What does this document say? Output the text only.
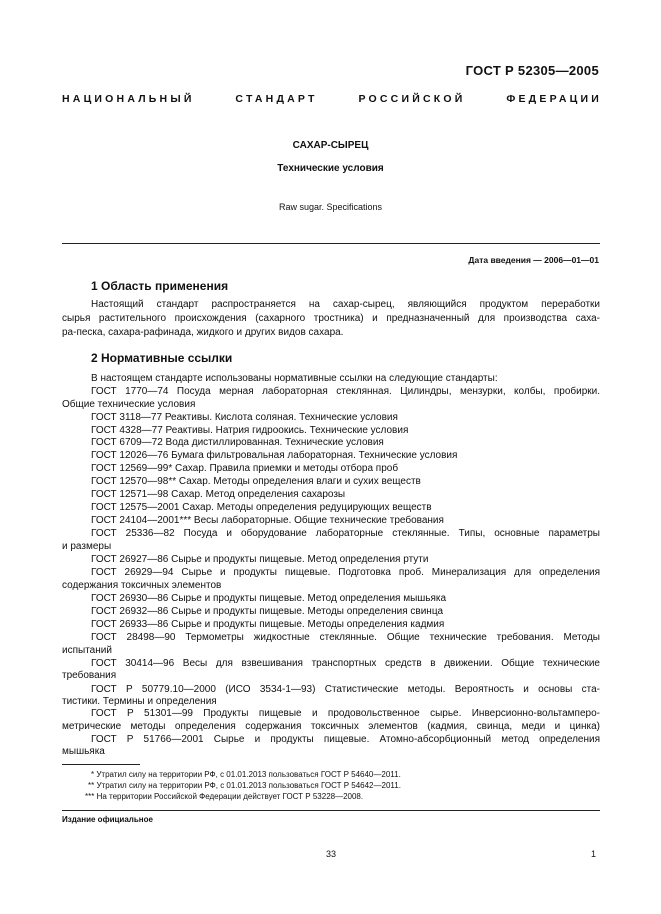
ГОСТ Р 52305—2005
НАЦИОНАЛЬНЫЙ СТАНДАРТ РОССИЙСКОЙ ФЕДЕРАЦИИ
САХАР-СЫРЕЦ
Технические условия
Raw sugar. Specifications
Дата введения — 2006—01—01
1 Область применения
Настоящий стандарт распространяется на сахар-сырец, являющийся продуктом переработки
сырья растительного происхождения (сахарного тростника) и предназначенный для производства саха-
ра-песка, сахара-рафинада, жидкого и других видов сахара.
2 Нормативные ссылки
В настоящем стандарте использованы нормативные ссылки на следующие стандарты:
ГОСТ 1770—74 Посуда мерная лабораторная стеклянная. Цилиндры, мензурки, колбы, пробирки.
Общие технические условия
ГОСТ 3118—77 Реактивы. Кислота соляная. Технические условия
ГОСТ 4328—77 Реактивы. Натрия гидроокись. Технические условия
ГОСТ 6709—72 Вода дистиллированная. Технические условия
ГОСТ 12026—76 Бумага фильтровальная лабораторная. Технические условия
ГОСТ 12569—99* Сахар. Правила приемки и методы отбора проб
ГОСТ 12570—98** Сахар. Методы определения влаги и сухих веществ
ГОСТ 12571—98 Сахар. Метод определения сахарозы
ГОСТ 12575—2001 Сахар. Методы определения редуцирующих веществ
ГОСТ 24104—2001*** Весы лабораторные. Общие технические требования
ГОСТ 25336—82 Посуда и оборудование лабораторные стеклянные. Типы, основные параметры
и размеры
ГОСТ 26927—86 Сырье и продукты пищевые. Метод определения ртути
ГОСТ 26929—94 Сырье и продукты пищевые. Подготовка проб. Минерализация для определения
содержания токсичных элементов
ГОСТ 26930—86 Сырье и продукты пищевые. Метод определения мышьяка
ГОСТ 26932—86 Сырье и продукты пищевые. Методы определения свинца
ГОСТ 26933—86 Сырье и продукты пищевые. Методы определения кадмия
ГОСТ 28498—90 Термометры жидкостные стеклянные. Общие технические требования. Методы
испытаний
ГОСТ 30414—96 Весы для взвешивания транспортных средств в движении. Общие технические
требования
ГОСТ Р 50779.10—2000 (ИСО 3534-1—93) Статистические методы. Вероятность и основы ста-
тистики. Термины и определения
ГОСТ Р 51301—99 Продукты пищевые и продовольственное сырье. Инверсионно-вольтамперо-
метрические методы определения содержания токсичных элементов (кадмия, свинца, меди и цинка)
ГОСТ Р 51766—2001 Сырье и продукты пищевые. Атомно-абсорбционный метод определения
мышьяка
* Утратил силу на территории РФ, с 01.01.2013 пользоваться ГОСТ Р 54640—2011.
** Утратил силу на территории РФ, с 01.01.2013 пользоваться ГОСТ Р 54642—2011.
*** На территории Российской Федерации действует ГОСТ Р 53228—2008.
Издание официальное
33	1
